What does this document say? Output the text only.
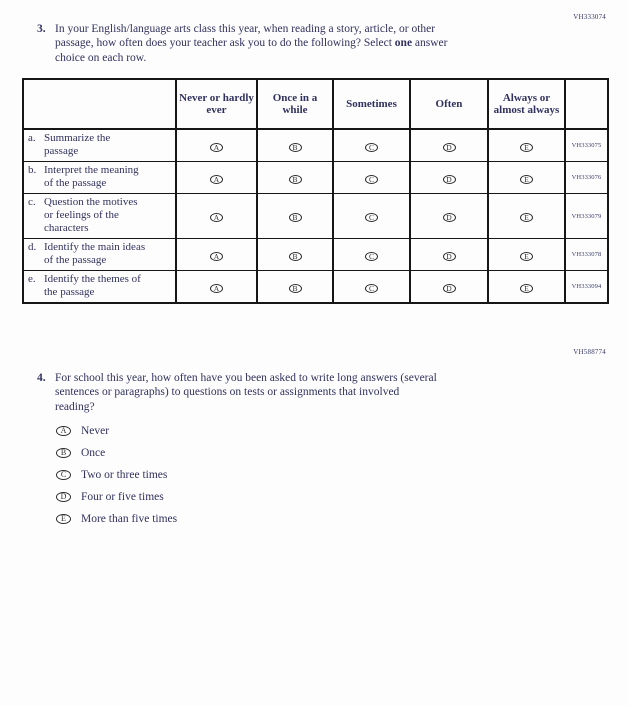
VH333074
3. In your English/language arts class this year, when reading a story, article, or other
passage, how often does your teacher ask you to do the following? Select one answer
choice on each row.
	Never or hardly ever	Once in a while	Sometimes	Often	Always or almost always	

a. Summarize the
passage	A	B	C	D	E	VH333075

b. Interpret the meaning
of the passage	A	B	C	D	E	VH333076

c. Question the motives
or feelings of the
characters	A	B	C	D	E	VH333079

d. Identify the main ideas
of the passage	A	B	C	D	E	VH333078

e. Identify the themes of
the passage	A	B	C	D	E	VH333094
VH588774
4. For school this year, how often have you been asked to write long answers (several
sentences or paragraphs) to questions on tests or assignments that involved
reading?
A	Never
B	Once
C	Two or three times
D	Four or five times
E	More than five times
